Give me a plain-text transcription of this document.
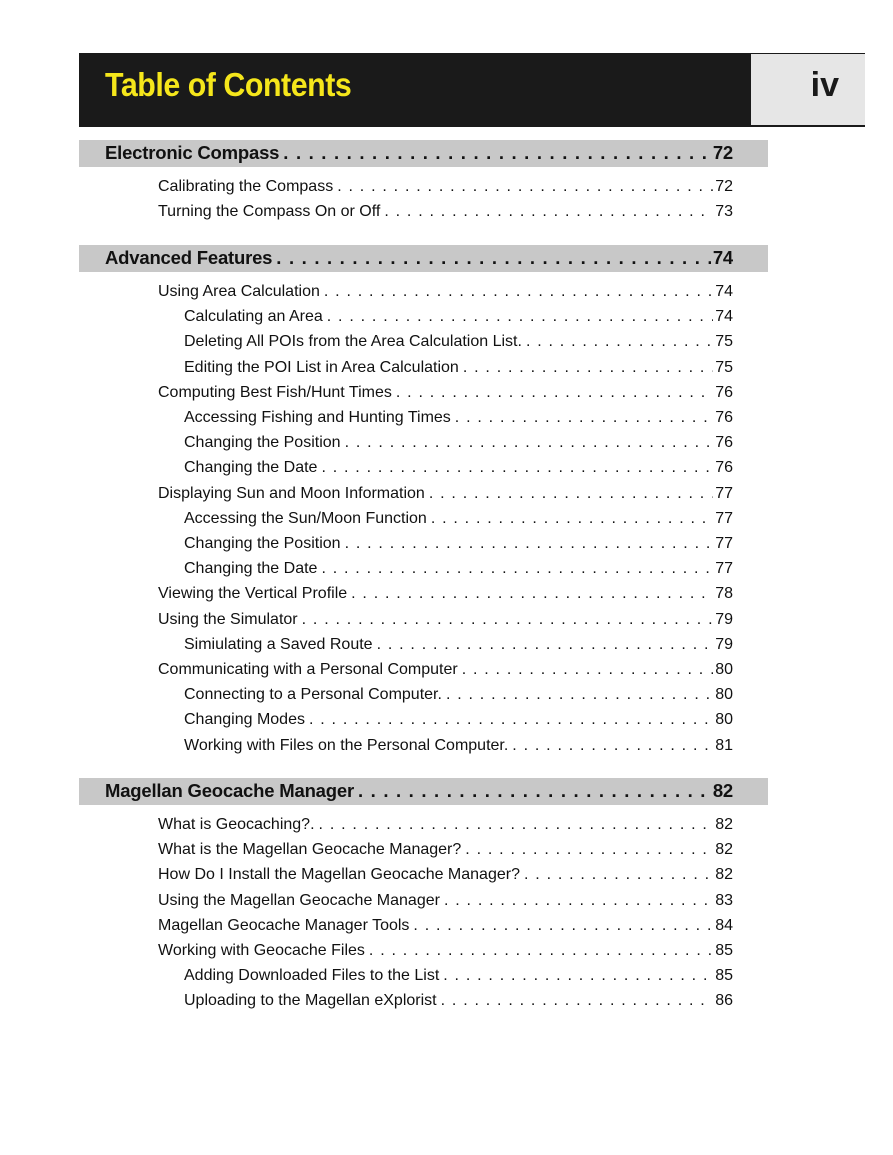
Table of Contents	iv
Electronic Compass . . .	72
Calibrating the Compass . . .	72
Turning the Compass On or Off . . .	73
Advanced Features . . .	74
Using Area Calculation . . .	74
Calculating an Area . . .	74
Deleting All POIs from the Area Calculation List. . . .	75
Editing the POI List in Area Calculation . . .	75
Computing Best Fish/Hunt Times . . .	76
Accessing Fishing and Hunting Times . . .	76
Changing the Position . . .	76
Changing the Date . . .	76
Displaying Sun and Moon Information . . .	77
Accessing the Sun/Moon Function . . .	77
Changing the Position . . .	77
Changing the Date . . .	77
Viewing the Vertical Profile . . .	78
Using the Simulator . . .	79
Simiulating a Saved Route . . .	79
Communicating with a Personal Computer . . .	80
Connecting to a Personal Computer. . . .	80
Changing Modes . . .	80
Working with Files on the Personal Computer. . . .	81
Magellan Geocache Manager . . .	82
What is Geocaching?. . . .	82
What is the Magellan Geocache Manager? . . .	82
How Do I Install the Magellan Geocache Manager? . . .	82
Using the Magellan Geocache Manager . . .	83
Magellan Geocache Manager Tools . . .	84
Working with Geocache Files . . .	85
Adding Downloaded Files to the List . . .	85
Uploading to the Magellan eXplorist . . .	86
